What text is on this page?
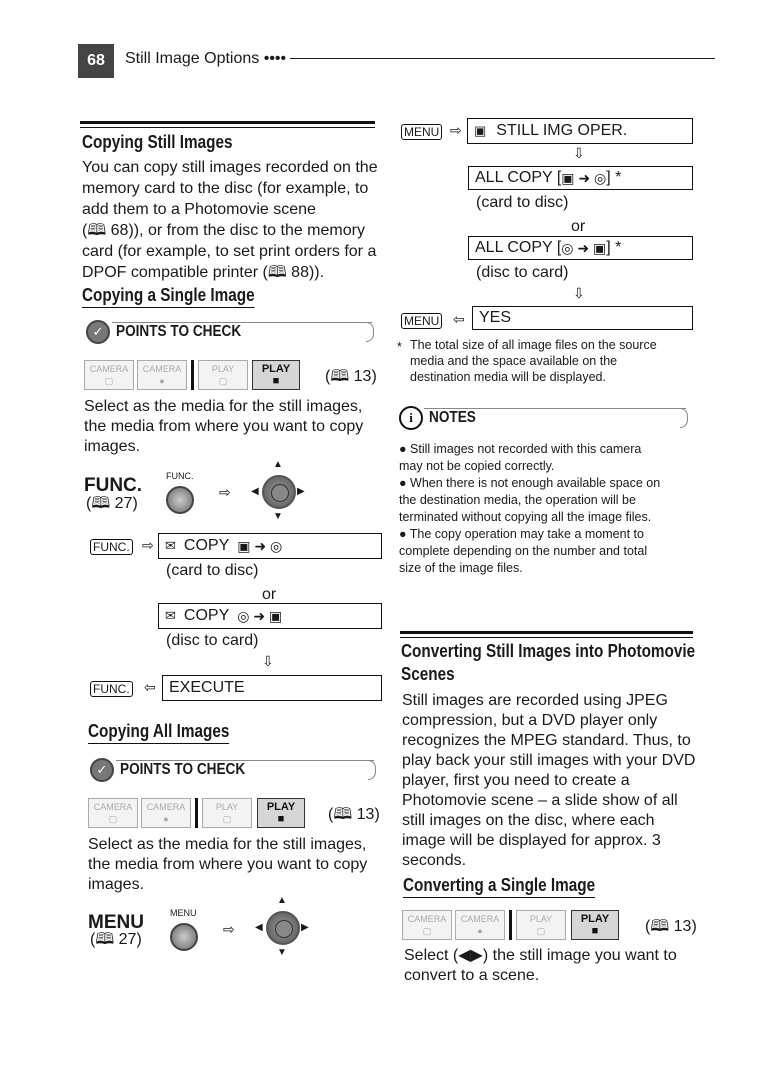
68 Still Image Options ••••
Copying Still Images
You can copy still images recorded on the
memory card to the disc (for example, to
add them to a Photomovie scene
(🕮 68)), or from the disc to the memory
card (for example, to set print orders for a
DPOF compatible printer (🕮 88)).
Copying a Single Image
✓ POINTS TO CHECK
CAMERA
▢
CAMERA
●
PLAY
▢
PLAY
■	(🕮 13)
Select as the media for the still images,
the media from where you want to copy
images.
FUNC.
(🕮 27)
FUNC.
⇨
▲
▼
◀	▶
FUNC. ⇨ ✉ COPY ▣ ➜ ◎
(card to disc)
or
✉ COPY ◎ ➜ ▣
(disc to card)
⇩
FUNC. ⇦ EXECUTE
Copying All Images
✓ POINTS TO CHECK
CAMERA
▢
CAMERA
●
PLAY
▢
PLAY
■	(🕮 13)
Select as the media for the still images,
the media from where you want to copy
images.
MENU
(🕮 27)
MENU
⇨
▲
▼
◀	▶
MENU ⇨ ▣ STILL IMG OPER.
⇩
ALL COPY [ ▣ ➜ ◎ ] *
(card to disc)
or
ALL COPY [ ◎ ➜ ▣ ] *
(disc to card)
⇩
MENU ⇦ YES
* The total size of all image files on the source
media and the space available on the
destination media will be displayed.
i	NOTES
● Still images not recorded with this camera
may not be copied correctly.
● When there is not enough available space on
the destination media, the operation will be
terminated without copying all the image files.
● The copy operation may take a moment to
complete depending on the number and total
size of the image files.
Converting Still Images into Photomovie
Scenes
Still images are recorded using JPEG
compression, but a DVD player only
recognizes the MPEG standard. Thus, to
play back your still images with your DVD
player, first you need to create a
Photomovie scene – a slide show of all
still images on the disc, where each
image will be displayed for approx. 3
seconds.
Converting a Single Image
CAMERA
▢
CAMERA
●
PLAY
▢
PLAY
■	(🕮 13)
Select (◀▶) the still image you want to
convert to a scene.
